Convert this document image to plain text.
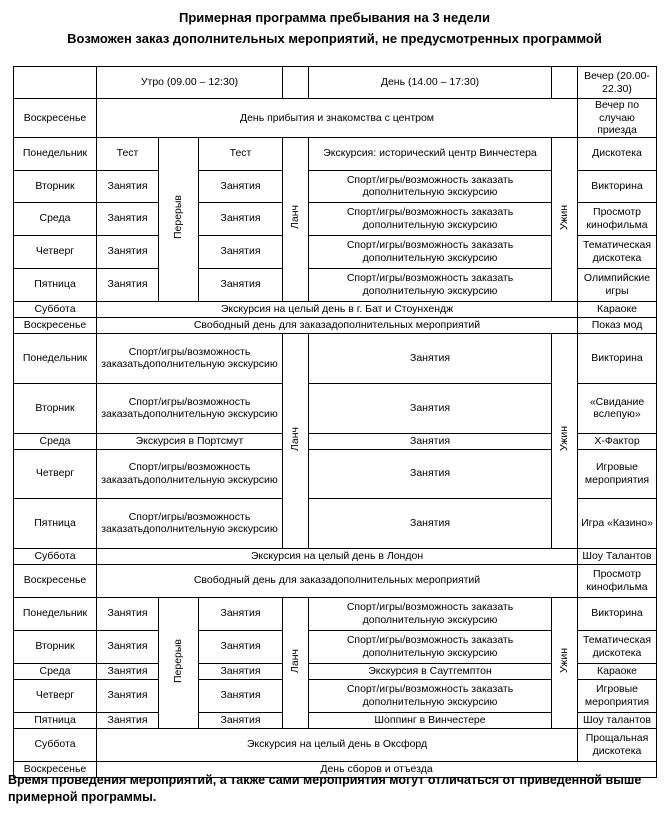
Примерная программа пребывания на 3 недели
Возможен заказ дополнительных мероприятий, не предусмотренных программой
	Утро (09.00 – 12:30)				День (14.00 – 17:30)		Вечер (20.00-22.30)
Воскресенье	День прибытия и знакомства с центром						Вечер по случаю приезда
Понедельник	Тест	Перерыв	Тест	Ланч	Экскурсия: исторический центр Винчестера	Ужин	Дискотека
Вторник	Занятия		Занятия		Спорт/игры/возможность заказать дополнительную экскурсию		Викторина
Среда	Занятия		Занятия		Спорт/игры/возможность заказать дополнительную экскурсию		Просмотр кинофильма
Четверг	Занятия		Занятия		Спорт/игры/возможность заказать дополнительную экскурсию		Тематическая дискотека
Пятница	Занятия		Занятия		Спорт/игры/возможность заказать дополнительную экскурсию		Олимпийские игры
Суббота	Экскурсия на целый день в г. Бат и Стоунхендж						Караоке
Воскресенье	Свободный день для заказадополнительных мероприятий						Показ мод
Понедельник	Спорт/игры/возможность заказатьдополнительную экскурсию			Ланч	Занятия	Ужин	Викторина
Вторник	Спорт/игры/возможность заказатьдополнительную экскурсию				Занятия		«Свидание вслепую»
Среда	Экскурсия в Портсмут				Занятия		Х-Фактор
Четверг	Спорт/игры/возможность заказатьдополнительную экскурсию				Занятия		Игровые мероприятия
Пятница	Спорт/игры/возможность заказатьдополнительную экскурсию				Занятия		Игра «Казино»
Суббота	Экскурсия на целый день в Лондон						Шоу Талантов
Воскресенье	Свободный день для заказадополнительных мероприятий						Просмотр кинофильма
Понедельник	Занятия	Перерыв	Занятия	Ланч	Спорт/игры/возможность заказать дополнительную экскурсию	Ужин	Викторина
Вторник	Занятия		Занятия		Спорт/игры/возможность заказать дополнительную экскурсию		Тематическая дискотека
Среда	Занятия		Занятия		Экскурсия в Саутгемптон		Караоке
Четверг	Занятия		Занятия		Спорт/игры/возможность заказать дополнительную экскурсию		Игровые мероприятия
Пятница	Занятия		Занятия		Шоппинг в Винчестере		Шоу талантов
Суббота	Экскурсия на целый день в Оксфорд						Прощальная дискотека
Воскресенье	День сборов и отъезда						
Время проведения мероприятий, а также сами мероприятия могут отличаться от приведенной выше примерной программы.
